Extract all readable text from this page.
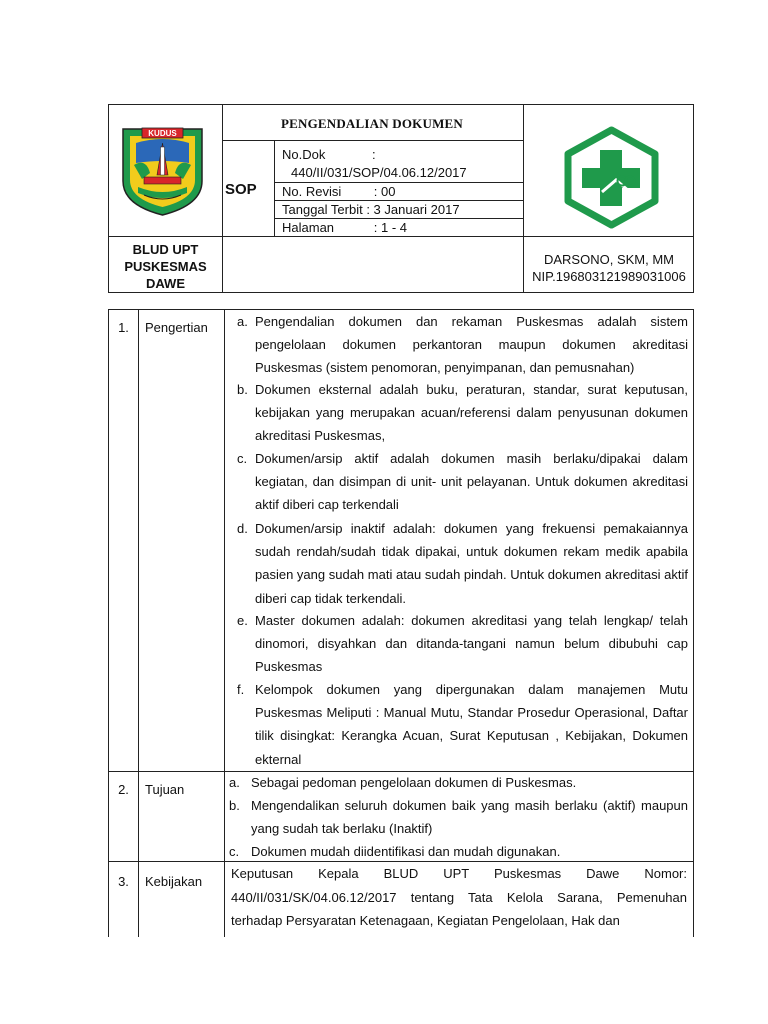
KUDUS
PENGENDALIAN DOKUMEN
SOP
No.Dok	:
440/II/031/SOP/04.06.12/2017
No. Revisi         : 00
Tanggal Terbit : 3 Januari 2017
Halaman           : 1 - 4
BLUD UPT
PUSKESMAS
DAWE
DARSONO, SKM, MM
NIP.196803121989031006
1.	Pengertian a. Pengendalian dokumen dan rekaman Puskesmas adalah sistem pengelolaan dokumen perkantoran maupun dokumen akreditasi Puskesmas (sistem penomoran, penyimpanan, dan pemusnahan)
b. Dokumen eksternal adalah buku, peraturan, standar, surat keputusan, kebijakan yang merupakan acuan/referensi dalam penyusunan dokumen akreditasi Puskesmas,
c. Dokumen/arsip aktif adalah dokumen masih berlaku/dipakai dalam kegiatan, dan disimpan di unit- unit pelayanan. Untuk dokumen akreditasi aktif diberi cap terkendali
d. Dokumen/arsip inaktif adalah: dokumen yang frekuensi pemakaiannya sudah rendah/sudah tidak dipakai, untuk dokumen rekam medik apabila pasien yang sudah mati atau sudah pindah. Untuk dokumen akreditasi aktif diberi cap tidak terkendali.
e. Master dokumen adalah: dokumen akreditasi yang telah lengkap/ telah dinomori, disyahkan dan ditanda-tangani namun belum dibubuhi cap Puskesmas
f. Kelompok dokumen yang dipergunakan dalam manajemen Mutu Puskesmas Meliputi : Manual Mutu, Standar Prosedur Operasional, Daftar tilik disingkat: Kerangka Acuan, Surat Keputusan , Kebijakan, Dokumen ekternal
2.	Tujuan	a. Sebagai pedoman pengelolaan dokumen di Puskesmas.
b. Mengendalikan seluruh dokumen baik yang masih berlaku (aktif) maupun yang sudah tak berlaku (Inaktif)
c. Dokumen mudah diidentifikasi dan mudah digunakan.
3.	Kebijakan
Keputusan Kepala BLUD UPT Puskesmas Dawe Nomor: 440/II/031/SK/04.06.12/2017 tentang Tata Kelola Sarana, Pemenuhan terhadap Persyaratan Ketenagaan, Kegiatan Pengelolaan, Hak dan
